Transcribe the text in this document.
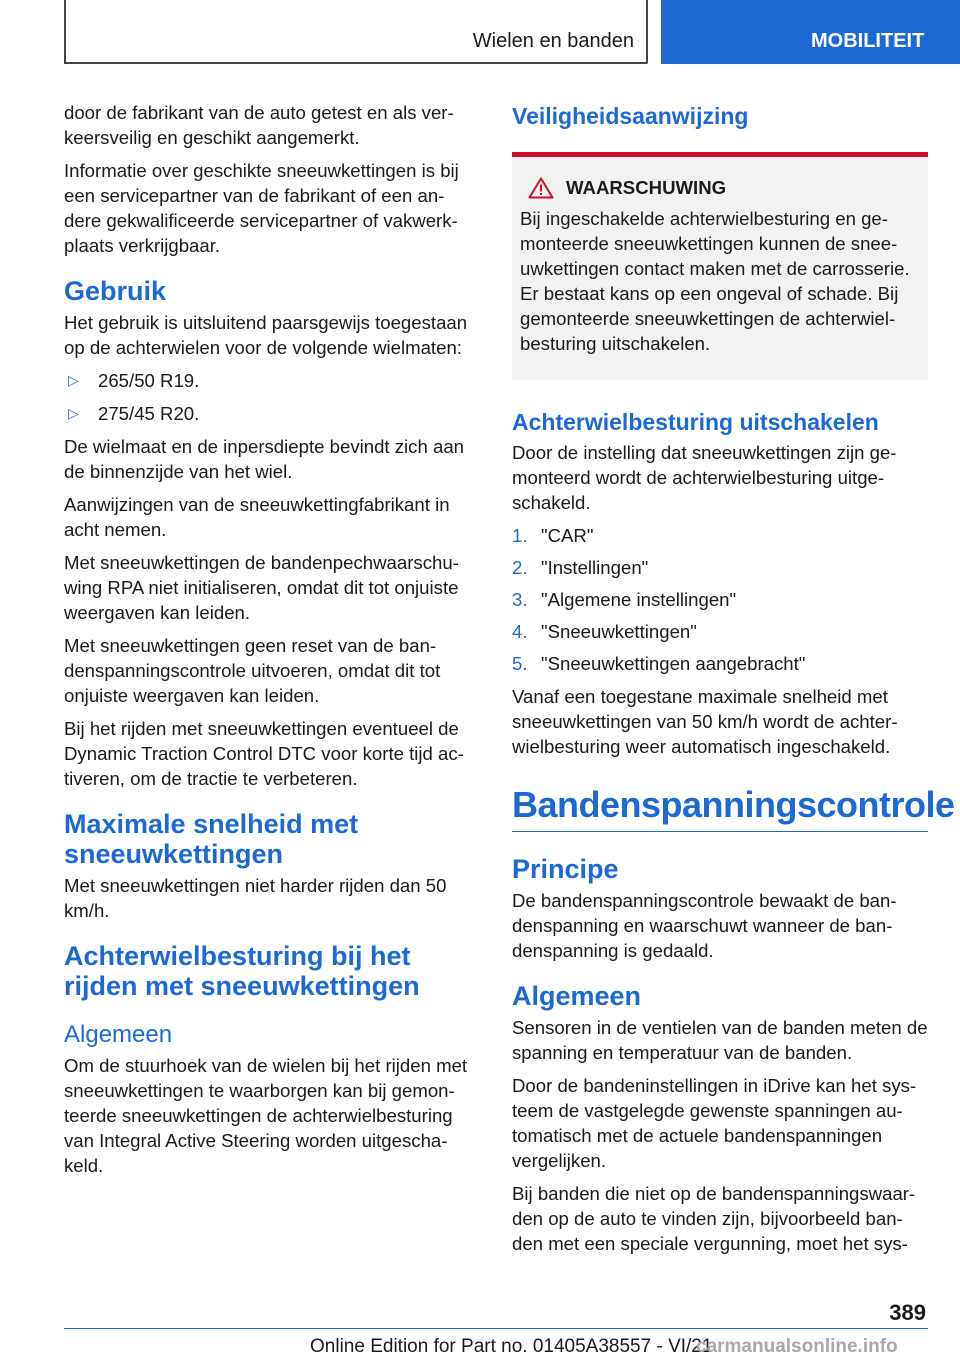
Wielen en banden	MOBILITEIT

door de fabrikant van de auto getest en als ver‐keersveilig en geschikt aangemerkt.

Informatie over geschikte sneeuwkettingen is bij een servicepartner van de fabrikant of een an‐dere gekwalificeerde servicepartner of vakwerk‐plaats verkrijgbaar.

Gebruik

Het gebruik is uitsluitend paarsgewijs toegestaan op de achterwielen voor de volgende wielmaten:

▷	265/50 R19.
▷	275/45 R20.

De wielmaat en de inpersdiepte bevindt zich aan de binnenzijde van het wiel.

Aanwijzingen van de sneeuwkettingfabrikant in acht nemen.

Met sneeuwkettingen de bandenpechwaarschu‐wing RPA niet initialiseren, omdat dit tot onjuiste weergaven kan leiden.

Met sneeuwkettingen geen reset van de ban‐denspanningscontrole uitvoeren, omdat dit tot onjuiste weergaven kan leiden.

Bij het rijden met sneeuwkettingen eventueel de Dynamic Traction Control DTC voor korte tijd ac‐tiveren, om de tractie te verbeteren.

Maximale snelheid met sneeuwkettingen

Met sneeuwkettingen niet harder rijden dan 50 km/h.

Achterwielbesturing bij het rijden met sneeuwkettingen
Algemeen

Om de stuurhoek van de wielen bij het rijden met sneeuwkettingen te waarborgen kan bij gemon‐teerde sneeuwkettingen de achterwielbesturing van Integral Active Steering worden uitgescha‐keld.

Veiligheidsaanwijzing
WAARSCHUWING
Bij ingeschakelde achterwielbesturing en ge‐monteerde sneeuwkettingen kunnen de snee‐uwkettingen contact maken met de carrosserie. Er bestaat kans op een ongeval of schade. Bij gemonteerde sneeuwkettingen de achterwiel‐besturing uitschakelen.
Achterwielbesturing uitschakelen

Door de instelling dat sneeuwkettingen zijn ge‐monteerd wordt de achterwielbesturing uitge‐schakeld.

1. "CAR"
2. "Instellingen"
3. "Algemene instellingen"
4. "Sneeuwkettingen"
5. "Sneeuwkettingen aangebracht"

Vanaf een toegestane maximale snelheid met sneeuwkettingen van 50 km/h wordt de achter‐wielbesturing weer automatisch ingeschakeld.

Bandenspanningscontrole
Principe

De bandenspanningscontrole bewaakt de ban‐denspanning en waarschuwt wanneer de ban‐denspanning is gedaald.

Algemeen

Sensoren in de ventielen van de banden meten de spanning en temperatuur van de banden.

Door de bandeninstellingen in iDrive kan het sys‐teem de vastgelegde gewenste spanningen au‐tomatisch met de actuele bandenspanningen vergelijken.

Bij banden die niet op de bandenspanningswaar‐den op de auto te vinden zijn, bijvoorbeeld ban‐den met een speciale vergunning, moet het sys‐

389
Online Edition for Part no. 01405A38557 - VI/21
carmanualsonline.info
